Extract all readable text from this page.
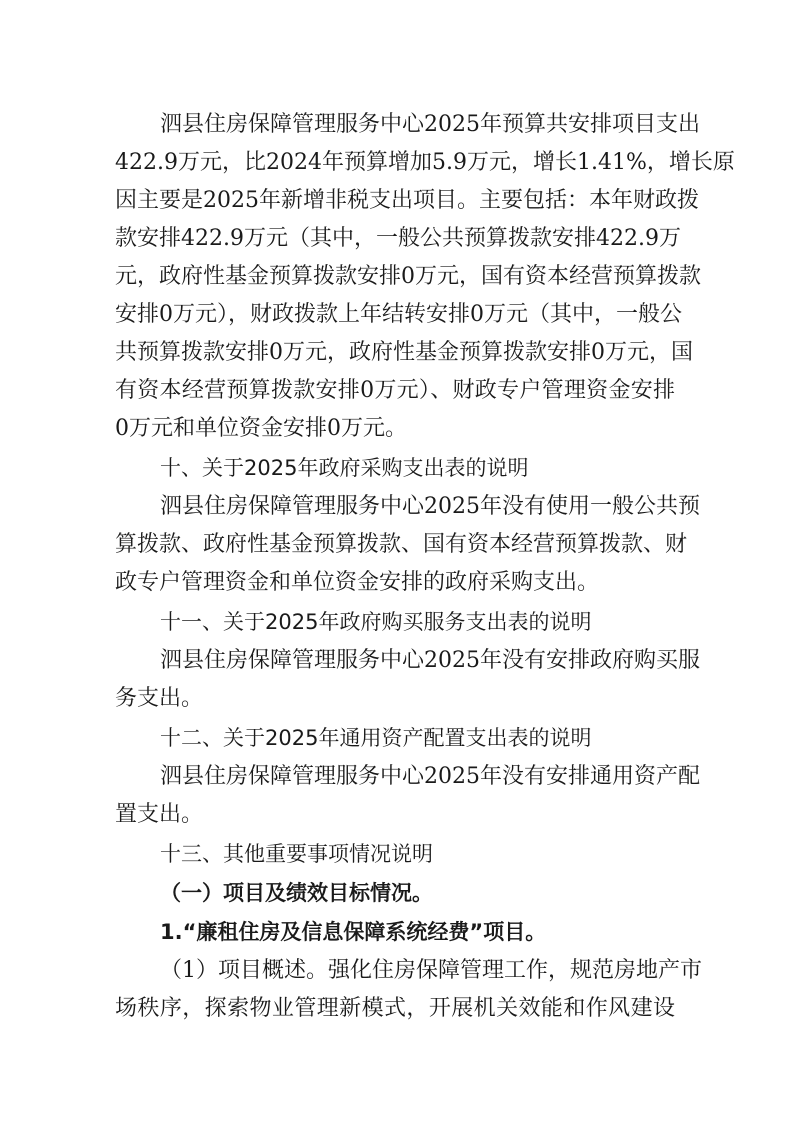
泗县住房保障管理服务中心2025年预算共安排项目支出
422.9万元，比2024年预算增加5.9万元，增长1.41%，增长原
因主要是2025年新增非税支出项目。主要包括：本年财政拨
款安排422.9万元（其中，一般公共预算拨款安排422.9万
元，政府性基金预算拨款安排0万元，国有资本经营预算拨款
安排0万元），财政拨款上年结转安排0万元（其中，一般公
共预算拨款安排0万元，政府性基金预算拨款安排0万元，国
有资本经营预算拨款安排0万元）、财政专户管理资金安排
0万元和单位资金安排0万元。
十、关于2025年政府采购支出表的说明
泗县住房保障管理服务中心2025年没有使用一般公共预
算拨款、政府性基金预算拨款、国有资本经营预算拨款、财
政专户管理资金和单位资金安排的政府采购支出。
十一、关于2025年政府购买服务支出表的说明
泗县住房保障管理服务中心2025年没有安排政府购买服
务支出。
十二、关于2025年通用资产配置支出表的说明
泗县住房保障管理服务中心2025年没有安排通用资产配
置支出。
十三、其他重要事项情况说明
（一）项目及绩效目标情况。
1.“廉租住房及信息保障系统经费”项目。
（1）项目概述。强化住房保障管理工作，规范房地产市
场秩序，探索物业管理新模式，开展机关效能和作风建设
